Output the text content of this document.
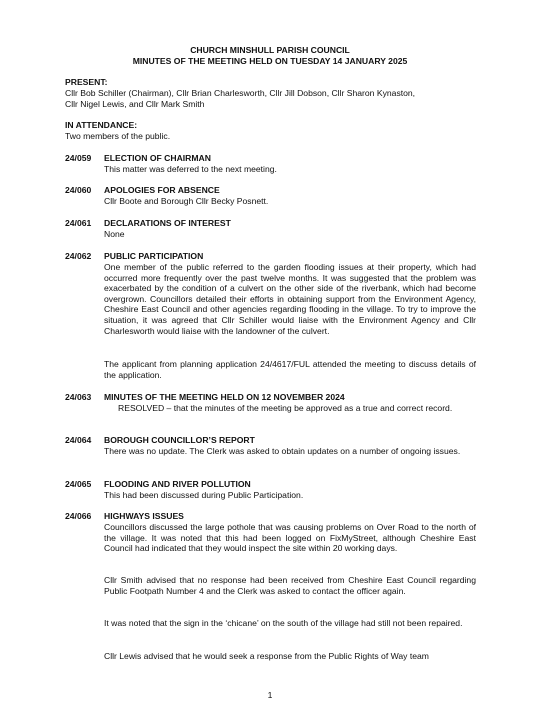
CHURCH MINSHULL PARISH COUNCIL
MINUTES OF THE MEETING HELD ON TUESDAY 14 JANUARY 2025
PRESENT:
Cllr Bob Schiller (Chairman), Cllr Brian Charlesworth, Cllr Jill Dobson, Cllr Sharon Kynaston,
Cllr Nigel Lewis, and Cllr Mark Smith
IN ATTENDANCE:
Two members of the public.
24/059 ELECTION OF CHAIRMAN
This matter was deferred to the next meeting.
24/060 APOLOGIES FOR ABSENCE
Cllr Boote and Borough Cllr Becky Posnett.
24/061 DECLARATIONS OF INTEREST
None
24/062 PUBLIC PARTICIPATION
One member of the public referred to the garden flooding issues at their property, which had occurred more frequently over the past twelve months. It was suggested that the problem was exacerbated by the condition of a culvert on the other side of the riverbank, which had become overgrown. Councillors detailed their efforts in obtaining support from the Environment Agency, Cheshire East Council and other agencies regarding flooding in the village. To try to improve the situation, it was agreed that Cllr Schiller would liaise with the Environment Agency and Cllr Charlesworth would liaise with the landowner of the culvert.
The applicant from planning application 24/4617/FUL attended the meeting to discuss details of the application.
24/063 MINUTES OF THE MEETING HELD ON 12 NOVEMBER 2024
RESOLVED – that the minutes of the meeting be approved as a true and correct record.
24/064 BOROUGH COUNCILLOR’S REPORT
There was no update. The Clerk was asked to obtain updates on a number of ongoing issues.
24/065 FLOODING AND RIVER POLLUTION
This had been discussed during Public Participation.
24/066 HIGHWAYS ISSUES
Councillors discussed the large pothole that was causing problems on Over Road to the north of the village. It was noted that this had been logged on FixMyStreet, although Cheshire East Council had indicated that they would inspect the site within 20 working days.
Cllr Smith advised that no response had been received from Cheshire East Council regarding Public Footpath Number 4 and the Clerk was asked to contact the officer again.
It was noted that the sign in the ‘chicane’ on the south of the village had still not been repaired.
Cllr Lewis advised that he would seek a response from the Public Rights of Way team
1
